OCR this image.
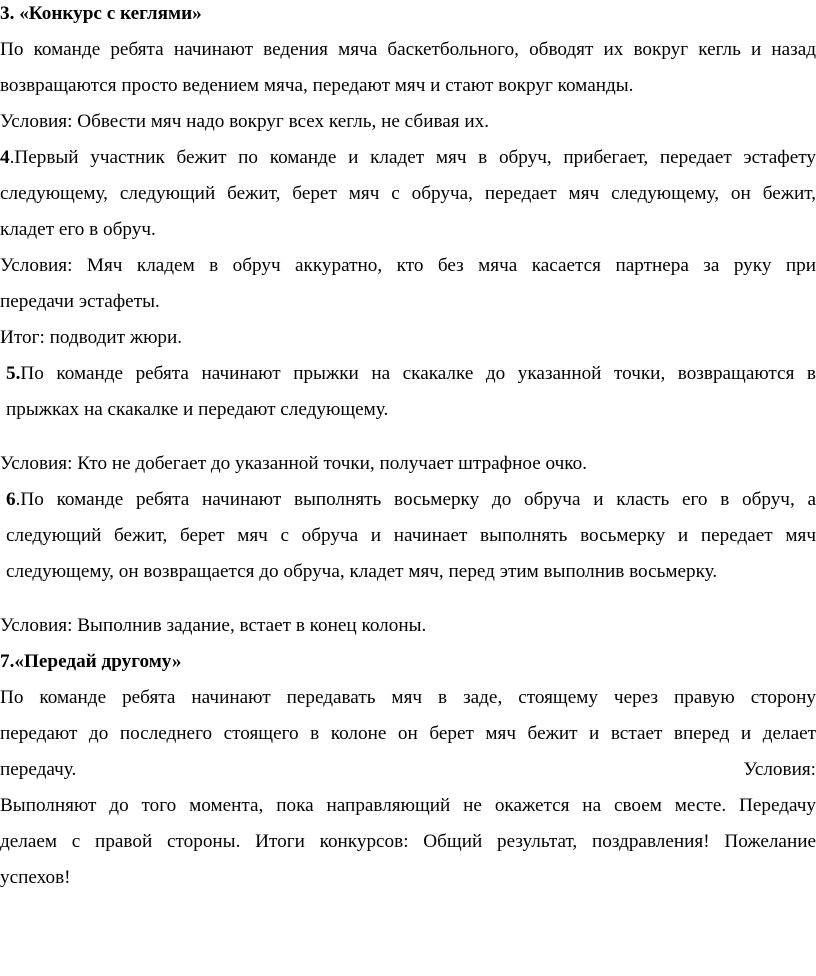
3. «Конкурс с кеглями»
По команде ребята начинают ведения мяча баскетбольного, обводят их вокруг кегль и назад
возвращаются просто ведением мяча, передают мяч и стают вокруг команды.
Условия: Обвести мяч надо вокруг всех кегль, не сбивая их.
4.Первый участник бежит по команде и кладет мяч в обруч, прибегает, передает эстафету
следующему, следующий бежит, берет мяч с обруча, передает мяч следующему, он бежит,
кладет его в обруч.
Условия: Мяч кладем в обруч аккуратно, кто без мяча касается партнера за руку при
передачи эстафеты.
Итог: подводит жюри.
5.По команде ребята начинают прыжки на скакалке до указанной точки, возвращаются в
прыжках на скакалке и передают следующему.
Условия: Кто не добегает до указанной точки, получает штрафное очко.
6.По команде ребята начинают выполнять восьмерку до обруча и класть его в обруч, а
следующий бежит, берет мяч с обруча и начинает выполнять восьмерку и передает мяч
следующему, он возвращается до обруча, кладет мяч, перед этим выполнив восьмерку.
Условия: Выполнив задание, встает в конец колоны.
7.«Передай другому»
По команде ребята начинают передавать мяч в заде, стоящему через правую сторону
передают до последнего стоящего в колоне он берет мяч бежит и встает вперед и делает
передачу.	Условия:
Выполняют до того момента, пока направляющий не окажется на своем месте. Передачу
делаем с правой стороны. Итоги конкурсов: Общий результат, поздравления! Пожелание
успехов!
